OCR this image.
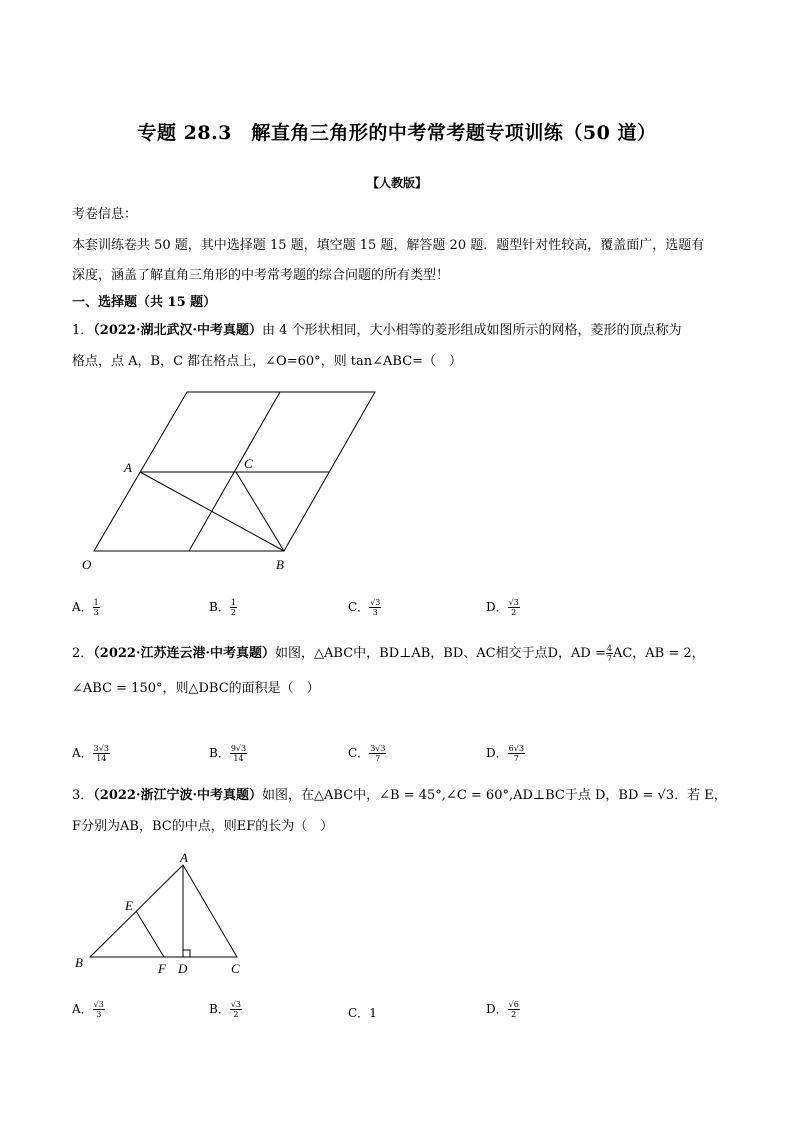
专题 28.3　解直角三角形的中考常考题专项训练（50 道）
【人教版】
考卷信息：
本套训练卷共 50 题，其中选择题 15 题，填空题 15 题，解答题 20 题．题型针对性较高，覆盖面广，选题有
深度，涵盖了解直角三角形的中考常考题的综合问题的所有类型！
一、选择题（共 15 题）
1．（2022·湖北武汉·中考真题）由 4 个形状相同，大小相等的菱形组成如图所示的网格，菱形的顶点称为
格点，点 A，B，C 都在格点上，∠O=60°，则 tan∠ABC=（　）
A	C
O	B
A． $\frac{1}{3}$	B． $\frac{1}{2}$	C． $\frac{√3}{3}$	D． $\frac{√3}{2}$
2．（2022·江苏连云港·中考真题）如图，△ABC中，BD⊥AB，BD、AC相交于点D，AD = $\frac{4}{7}$ AC，AB = 2，
∠ABC = 150°，则△DBC的面积是（　）
A． $\frac{3√3}{14}$	B． $\frac{9√3}{14}$	C． $\frac{3√3}{7}$	D． $\frac{6√3}{7}$
3．（2022·浙江宁波·中考真题）如图，在△ABC中，∠B = 45°,∠C = 60°,AD⊥BC于点 D，BD = √3．若 E，
F分别为AB，BC的中点，则EF的长为（　）
A
E
B	F D	C
A． $\frac{√3}{3}$	B． $\frac{√3}{2}$	C．1	D． $\frac{√6}{2}$
